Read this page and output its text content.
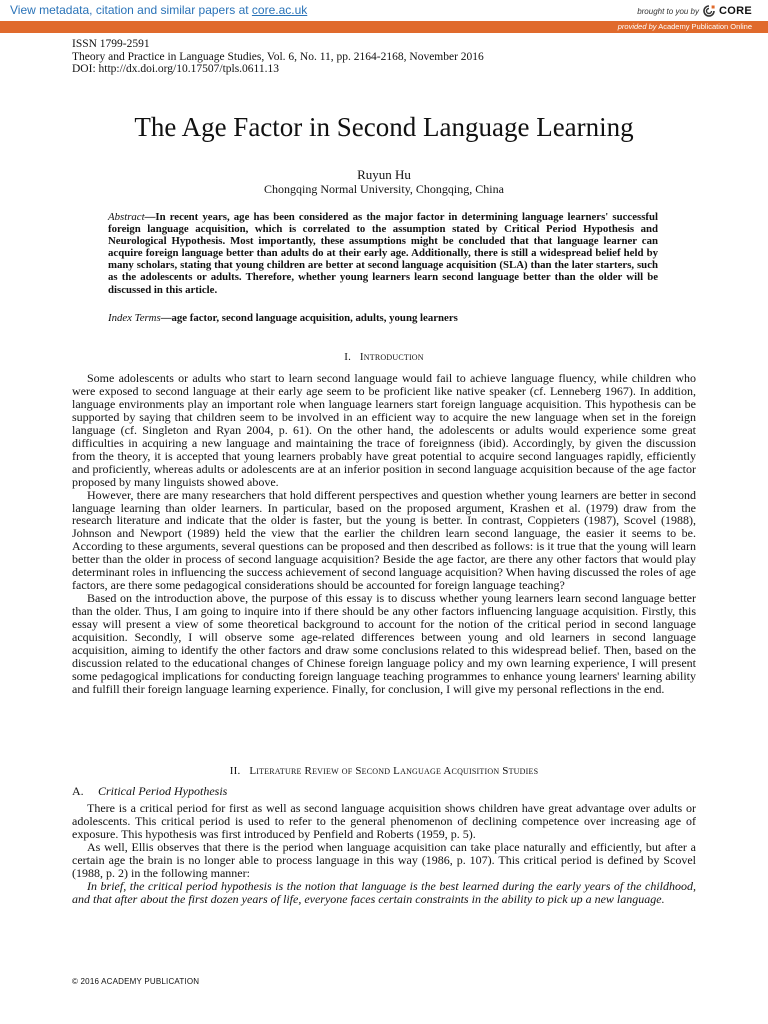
View metadata, citation and similar papers at core.ac.uk	brought to you by CORE
provided by Academy Publication Online
ISSN 1799-2591
Theory and Practice in Language Studies, Vol. 6, No. 11, pp. 2164-2168, November 2016
DOI: http://dx.doi.org/10.17507/tpls.0611.13
The Age Factor in Second Language Learning
Ruyun Hu
Chongqing Normal University, Chongqing, China
Abstract—In recent years, age has been considered as the major factor in determining language learners' successful foreign language acquisition, which is correlated to the assumption stated by Critical Period Hypothesis and Neurological Hypothesis. Most importantly, these assumptions might be concluded that that language learner can acquire foreign language better than adults do at their early age. Additionally, there is still a widespread belief held by many scholars, stating that young children are better at second language acquisition (SLA) than the later starters, such as the adolescents or adults. Therefore, whether young learners learn second language better than the older will be discussed in this article.
Index Terms—age factor, second language acquisition, adults, young learners
I. Introduction

Some adolescents or adults who start to learn second language would fail to achieve language fluency, while children who were exposed to second language at their early age seem to be proficient like native speaker (cf. Lenneberg 1967). In addition, language environments play an important role when language learners start foreign language acquisition. This hypothesis can be supported by saying that children seem to be involved in an efficient way to acquire the new language when set in the foreign language (cf. Singleton and Ryan 2004, p. 61). On the other hand, the adolescents or adults would experience some great difficulties in acquiring a new language and maintaining the trace of foreignness (ibid). Accordingly, by given the discussion from the theory, it is accepted that young learners probably have great potential to acquire second languages rapidly, efficiently and proficiently, whereas adults or adolescents are at an inferior position in second language acquisition because of the age factor proposed by many linguists showed above.

However, there are many researchers that hold different perspectives and question whether young learners are better in second language learning than older learners. In particular, based on the proposed argument, Krashen et al. (1979) draw from the research literature and indicate that the older is faster, but the young is better. In contrast, Coppieters (1987), Scovel (1988), Johnson and Newport (1989) held the view that the earlier the children learn second language, the easier it seems to be. According to these arguments, several questions can be proposed and then described as follows: is it true that the young will learn better than the older in process of second language acquisition? Beside the age factor, are there any other factors that would play determinant roles in influencing the success achievement of second language acquisition? When having discussed the roles of age factors, are there some pedagogical considerations should be accounted for foreign language teaching?

Based on the introduction above, the purpose of this essay is to discuss whether young learners learn second language better than the older. Thus, I am going to inquire into if there should be any other factors influencing language acquisition. Firstly, this essay will present a view of some theoretical background to account for the notion of the critical period in second language acquisition. Secondly, I will observe some age-related differences between young and old learners in second language acquisition, aiming to identify the other factors and draw some conclusions related to this widespread belief. Then, based on the discussion related to the educational changes of Chinese foreign language policy and my own learning experience, I will present some pedagogical implications for conducting foreign language teaching programmes to enhance young learners' learning ability and fulfill their foreign language learning experience. Finally, for conclusion, I will give my personal reflections in the end.

II. Literature Review of Second Language Acquisition Studies
A. Critical Period Hypothesis

There is a critical period for first as well as second language acquisition shows children have great advantage over adults or adolescents. This critical period is used to refer to the general phenomenon of declining competence over increasing age of exposure. This hypothesis was first introduced by Penfield and Roberts (1959, p. 5).

As well, Ellis observes that there is the period when language acquisition can take place naturally and efficiently, but after a certain age the brain is no longer able to process language in this way (1986, p. 107). This critical period is defined by Scovel (1988, p. 2) in the following manner:

In brief, the critical period hypothesis is the notion that language is the best learned during the early years of the childhood, and that after about the first dozen years of life, everyone faces certain constraints in the ability to pick up a new language.

© 2016 ACADEMY PUBLICATION
